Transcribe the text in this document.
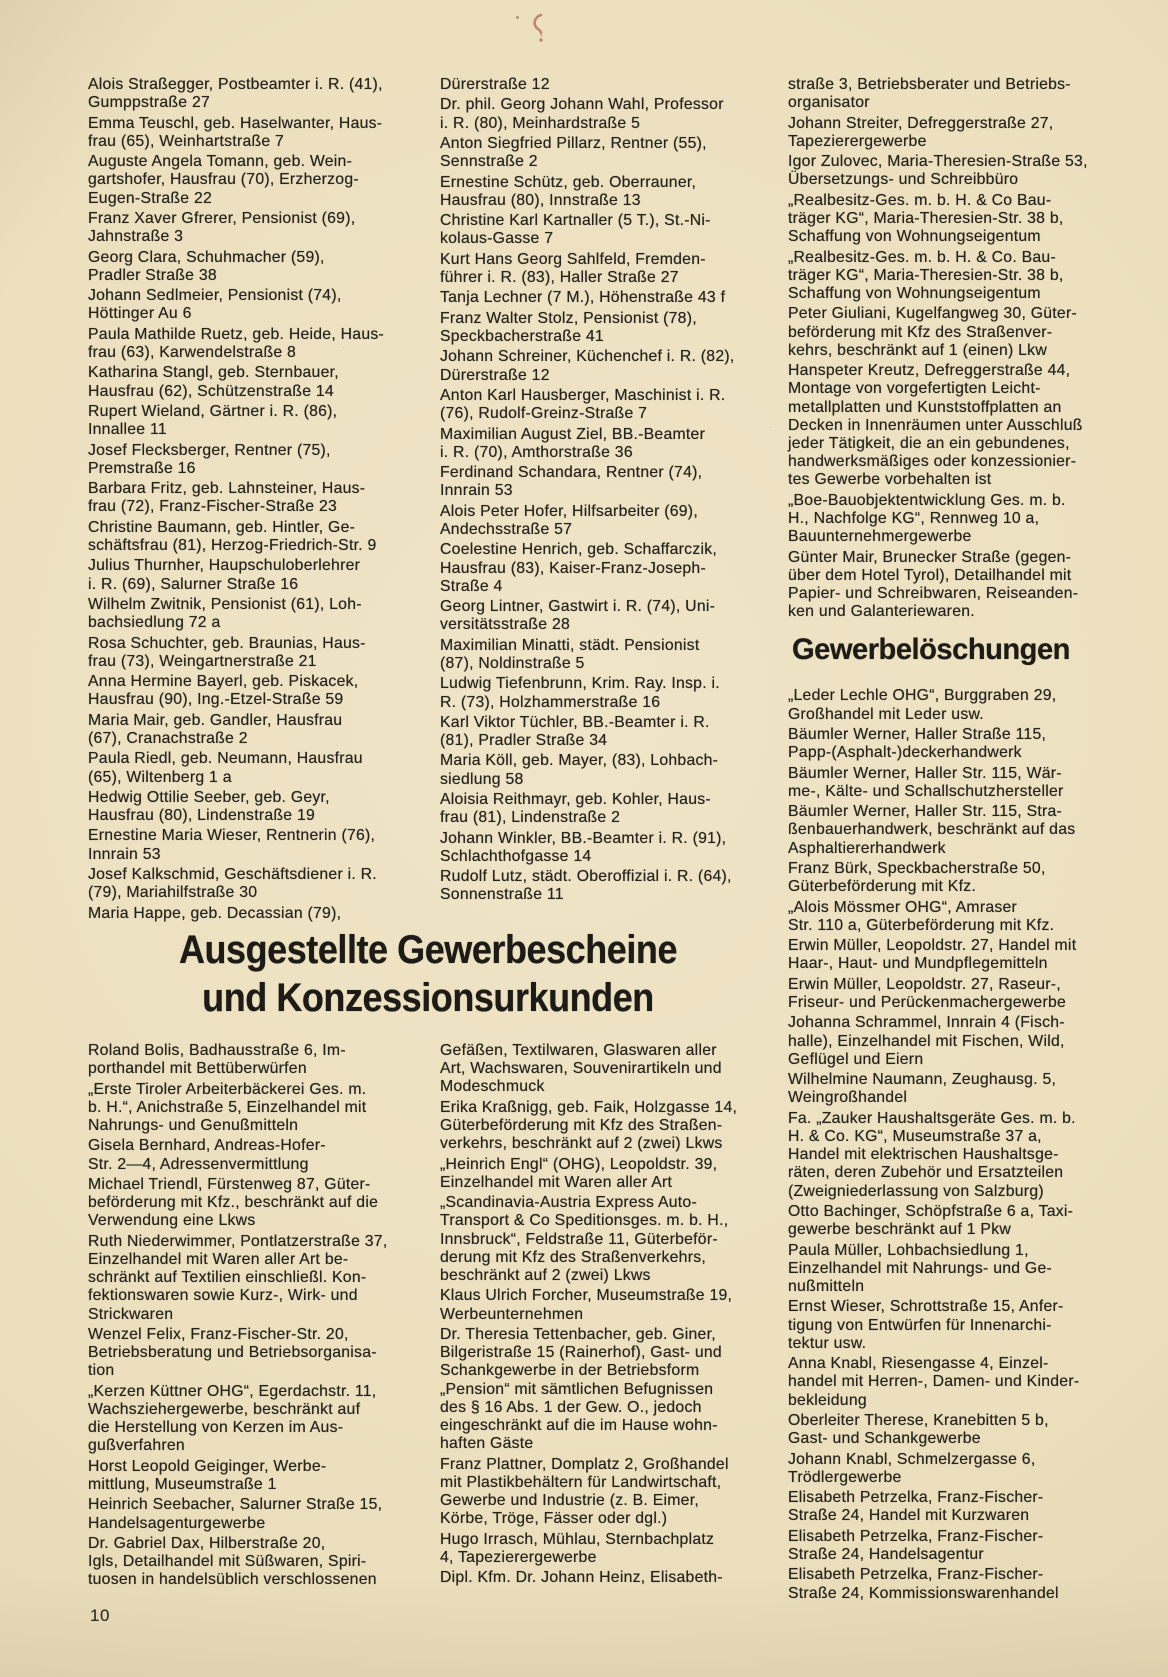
Alois Straßegger, Postbeamter i. R. (41),
Gumppstraße 27
Emma Teuschl, geb. Haselwanter, Haus-
frau (65), Weinhartstraße 7
Auguste Angela Tomann, geb. Wein-
gartshofer, Hausfrau (70), Erzherzog-
Eugen-Straße 22
Franz Xaver Gfrerer, Pensionist (69),
Jahnstraße 3
Georg Clara, Schuhmacher (59),
Pradler Straße 38
Johann Sedlmeier, Pensionist (74),
Höttinger Au 6
Paula Mathilde Ruetz, geb. Heide, Haus-
frau (63), Karwendelstraße 8
Katharina Stangl, geb. Sternbauer,
Hausfrau (62), Schützenstraße 14
Rupert Wieland, Gärtner i. R. (86),
Innallee 11
Josef Flecksberger, Rentner (75),
Premstraße 16
Barbara Fritz, geb. Lahnsteiner, Haus-
frau (72), Franz-Fischer-Straße 23
Christine Baumann, geb. Hintler, Ge-
schäftsfrau (81), Herzog-Friedrich-Str. 9
Julius Thurnher, Haupschuloberlehrer
i. R. (69), Salurner Straße 16
Wilhelm Zwitnik, Pensionist (61), Loh-
bachsiedlung 72 a
Rosa Schuchter, geb. Braunias, Haus-
frau (73), Weingartnerstraße 21
Anna Hermine Bayerl, geb. Piskacek,
Hausfrau (90), Ing.-Etzel-Straße 59
Maria Mair, geb. Gandler, Hausfrau
(67), Cranachstraße 2
Paula Riedl, geb. Neumann, Hausfrau
(65), Wiltenberg 1 a
Hedwig Ottilie Seeber, geb. Geyr,
Hausfrau (80), Lindenstraße 19
Ernestine Maria Wieser, Rentnerin (76),
Innrain 53
Josef Kalkschmid, Geschäftsdiener i. R.
(79), Mariahilfstraße 30
Maria Happe, geb. Decassian (79),
Dürerstraße 12
Dr. phil. Georg Johann Wahl, Professor
i. R. (80), Meinhardstraße 5
Anton Siegfried Pillarz, Rentner (55),
Sennstraße 2
Ernestine Schütz, geb. Oberrauner,
Hausfrau (80), Innstraße 13
Christine Karl Kartnaller (5 T.), St.-Ni-
kolaus-Gasse 7
Kurt Hans Georg Sahlfeld, Fremden-
führer i. R. (83), Haller Straße 27
Tanja Lechner (7 M.), Höhenstraße 43 f
Franz Walter Stolz, Pensionist (78),
Speckbacherstraße 41
Johann Schreiner, Küchenchef i. R. (82),
Dürerstraße 12
Anton Karl Hausberger, Maschinist i. R.
(76), Rudolf-Greinz-Straße 7
Maximilian August Ziel, BB.-Beamter
i. R. (70), Amthorstraße 36
Ferdinand Schandara, Rentner (74),
Innrain 53
Alois Peter Hofer, Hilfsarbeiter (69),
Andechsstraße 57
Coelestine Henrich, geb. Schaffarczik,
Hausfrau (83), Kaiser-Franz-Joseph-
Straße 4
Georg Lintner, Gastwirt i. R. (74), Uni-
versitätsstraße 28
Maximilian Minatti, städt. Pensionist
(87), Noldinstraße 5
Ludwig Tiefenbrunn, Krim. Ray. Insp. i.
R. (73), Holzhammerstraße 16
Karl Viktor Tüchler, BB.-Beamter i. R.
(81), Pradler Straße 34
Maria Köll, geb. Mayer, (83), Lohbach-
siedlung 58
Aloisia Reithmayr, geb. Kohler, Haus-
frau (81), Lindenstraße 2
Johann Winkler, BB.-Beamter i. R. (91),
Schlachthofgasse 14
Rudolf Lutz, städt. Oberoffizial i. R. (64),
Sonnenstraße 11
straße 3, Betriebsberater und Betriebs-
organisator
Johann Streiter, Defreggerstraße 27,
Tapezierergewerbe
Igor Zulovec, Maria-Theresien-Straße 53,
Übersetzungs- und Schreibbüro
„Realbesitz-Ges. m. b. H. & Co Bau-
träger KG“, Maria-Theresien-Str. 38 b,
Schaffung von Wohnungseigentum
„Realbesitz-Ges. m. b. H. & Co. Bau-
träger KG“, Maria-Theresien-Str. 38 b,
Schaffung von Wohnungseigentum
Peter Giuliani, Kugelfangweg 30, Güter-
beförderung mit Kfz des Straßenver-
kehrs, beschränkt auf 1 (einen) Lkw
Hanspeter Kreutz, Defreggerstraße 44,
Montage von vorgefertigten Leicht-
metallplatten und Kunststoffplatten an
Decken in Innenräumen unter Ausschluß
jeder Tätigkeit, die an ein gebundenes,
handwerksmäßiges oder konzessionier-
tes Gewerbe vorbehalten ist
„Boe-Bauobjektentwicklung Ges. m. b.
H., Nachfolge KG“, Rennweg 10 a,
Bauunternehmergewerbe
Günter Mair, Brunecker Straße (gegen-
über dem Hotel Tyrol), Detailhandel mit
Papier- und Schreibwaren, Reiseanden-
ken und Galanteriewaren.
Gewerbelöschungen
„Leder Lechle OHG“, Burggraben 29,
Großhandel mit Leder usw.
Bäumler Werner, Haller Straße 115,
Papp-(Asphalt-)deckerhandwerk
Bäumler Werner, Haller Str. 115, Wär-
me-, Kälte- und Schallschutzhersteller
Bäumler Werner, Haller Str. 115, Stra-
ßenbauerhandwerk, beschränkt auf das
Asphaltiererhandwerk
Franz Bürk, Speckbacherstraße 50,
Güterbeförderung mit Kfz.
„Alois Mössmer OHG“, Amraser
Str. 110 a, Güterbeförderung mit Kfz.
Erwin Müller, Leopoldstr. 27, Handel mit
Haar-, Haut- und Mundpflegemitteln
Erwin Müller, Leopoldstr. 27, Raseur-,
Friseur- und Perückenmachergewerbe
Johanna Schrammel, Innrain 4 (Fisch-
halle), Einzelhandel mit Fischen, Wild,
Geflügel und Eiern
Wilhelmine Naumann, Zeughausg. 5,
Weingroßhandel
Fa. „Zauker Haushaltsgeräte Ges. m. b.
H. & Co. KG“, Museumstraße 37 a,
Handel mit elektrischen Haushaltsge-
räten, deren Zubehör und Ersatzteilen
(Zweigniederlassung von Salzburg)
Otto Bachinger, Schöpfstraße 6 a, Taxi-
gewerbe beschränkt auf 1 Pkw
Paula Müller, Lohbachsiedlung 1,
Einzelhandel mit Nahrungs- und Ge-
nußmitteln
Ernst Wieser, Schrottstraße 15, Anfer-
tigung von Entwürfen für Innenarchi-
tektur usw.
Anna Knabl, Riesengasse 4, Einzel-
handel mit Herren-, Damen- und Kinder-
bekleidung
Oberleiter Therese, Kranebitten 5 b,
Gast- und Schankgewerbe
Johann Knabl, Schmelzergasse 6,
Trödlergewerbe
Elisabeth Petrzelka, Franz-Fischer-
Straße 24, Handel mit Kurzwaren
Elisabeth Petrzelka, Franz-Fischer-
Straße 24, Handelsagentur
Elisabeth Petrzelka, Franz-Fischer-
Straße 24, Kommissionswarenhandel
Ausgestellte Gewerbescheine
und Konzessionsurkunden
Roland Bolis, Badhausstraße 6, Im-
porthandel mit Bettüberwürfen
„Erste Tiroler Arbeiterbäckerei Ges. m.
b. H.“, Anichstraße 5, Einzelhandel mit
Nahrungs- und Genußmitteln
Gisela Bernhard, Andreas-Hofer-
Str. 2—4, Adressenvermittlung
Michael Triendl, Fürstenweg 87, Güter-
beförderung mit Kfz., beschränkt auf die
Verwendung eine Lkws
Ruth Niederwimmer, Pontlatzerstraße 37,
Einzelhandel mit Waren aller Art be-
schränkt auf Textilien einschließl. Kon-
fektionswaren sowie Kurz-, Wirk- und
Strickwaren
Wenzel Felix, Franz-Fischer-Str. 20,
Betriebsberatung und Betriebsorganisa-
tion
„Kerzen Küttner OHG“, Egerdachstr. 11,
Wachsziehergewerbe, beschränkt auf
die Herstellung von Kerzen im Aus-
gußverfahren
Horst Leopold Geiginger, Werbe-
mittlung, Museumstraße 1
Heinrich Seebacher, Salurner Straße 15,
Handelsagenturgewerbe
Dr. Gabriel Dax, Hilberstraße 20,
Igls, Detailhandel mit Süßwaren, Spiri-
tuosen in handelsüblich verschlossenen
Gefäßen, Textilwaren, Glaswaren aller
Art, Wachswaren, Souvenirartikeln und
Modeschmuck
Erika Kraßnigg, geb. Faik, Holzgasse 14,
Güterbeförderung mit Kfz des Straßen-
verkehrs, beschränkt auf 2 (zwei) Lkws
„Heinrich Engl“ (OHG), Leopoldstr. 39,
Einzelhandel mit Waren aller Art
„Scandinavia-Austria Express Auto-
Transport & Co Speditionsges. m. b. H.,
Innsbruck“, Feldstraße 11, Güterbeför-
derung mit Kfz des Straßenverkehrs,
beschränkt auf 2 (zwei) Lkws
Klaus Ulrich Forcher, Museumstraße 19,
Werbeunternehmen
Dr. Theresia Tettenbacher, geb. Giner,
Bilgeristraße 15 (Rainerhof), Gast- und
Schankgewerbe in der Betriebsform
„Pension“ mit sämtlichen Befugnissen
des § 16 Abs. 1 der Gew. O., jedoch
eingeschränkt auf die im Hause wohn-
haften Gäste
Franz Plattner, Domplatz 2, Großhandel
mit Plastikbehältern für Landwirtschaft,
Gewerbe und Industrie (z. B. Eimer,
Körbe, Tröge, Fässer oder dgl.)
Hugo Irrasch, Mühlau, Sternbachplatz
4, Tapezierergewerbe
Dipl. Kfm. Dr. Johann Heinz, Elisabeth-
10
